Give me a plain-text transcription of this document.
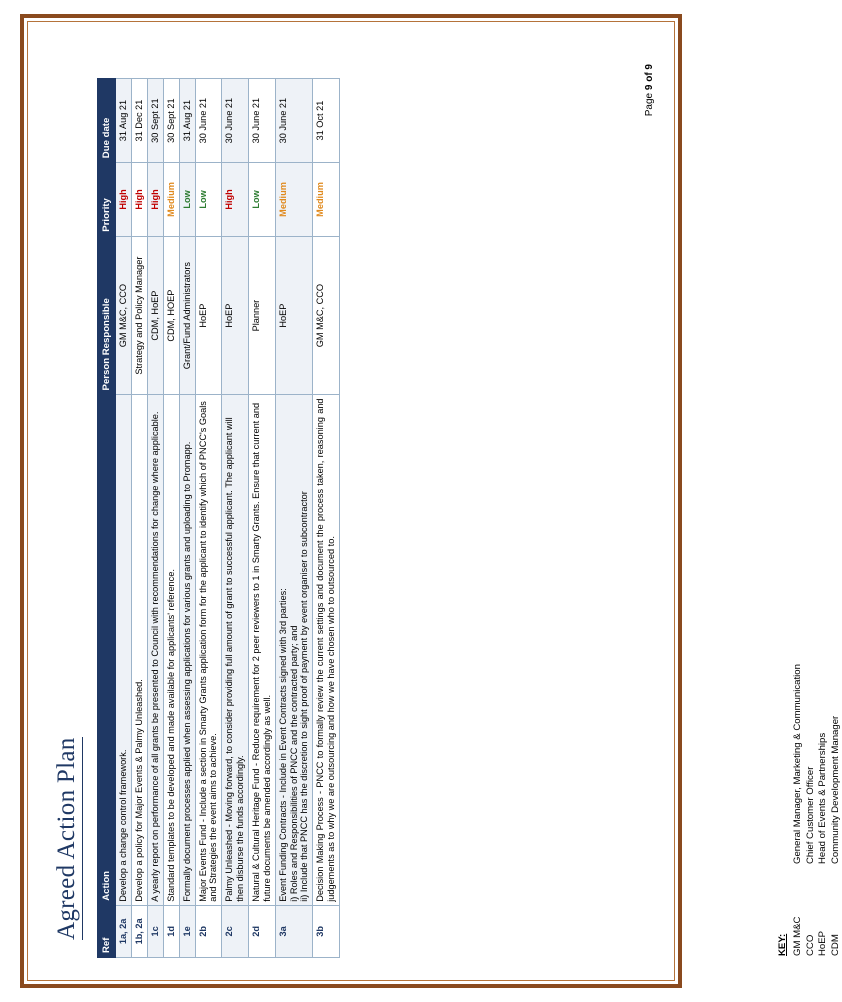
Agreed Action Plan
Ref	Action	Person Responsible	Priority	Due date
1a, 2a	Develop a change control framework.	GM M&C, CCO	High	31 Aug 21
1b, 2a	Develop a policy for Major Events & Palmy Unleashed.	Strategy and Policy Manager	High	31 Dec 21
1c	A yearly report on performance of all grants be presented to Council with recommendations for change where applicable.	CDM, HoEP	High	30 Sept 21
1d	Standard templates to be developed and made available for applicants' reference.	CDM, HOEP	Medium	30 Sept 21
1e	Formally document processes applied when assessing applications for various grants and uploading to Promapp.	Grant/Fund Administrators	Low	31 Aug 21
2b	Major Events Fund - Include a section in Smarty Grants application form for the applicant to identify which of PNCC's Goals and Strategies the event aims to achieve.	HoEP	Low	30 June 21
2c	Palmy Unleashed - Moving forward, to consider providing full amount of grant to successful applicant. The applicant will then disburse the funds accordingly.	HoEP	High	30 June 21
2d	Natural & Cultural Heritage Fund - Reduce requirement for 2 peer reviewers to 1 in Smarty Grants. Ensure that current and future documents be amended accordingly as well.	Planner	Low	30 June 21
3a	Event Funding Contracts - Include in Event Contracts signed with 3rd parties: i) Roles and Responsibilities of PNCC and the contracted party; and ii) Include that PNCC has the discretion to sight proof of payment by event organiser to subcontractor	HoEP	Medium	30 June 21
3b	Decision Making Process - PNCC to formally review the current settings and document the process taken, reasoning and judgements as to why we are outsourcing and how we have chosen who to outsourced to.	GM M&C, CCO	Medium	31 Oct 21
KEY: GM M&C
General Manager, Marketing & Communication
CCO
Chief Customer Officer
HoEP
Head of Events & Partnerships
CDM
Community Development Manager
Page 9 of 9
